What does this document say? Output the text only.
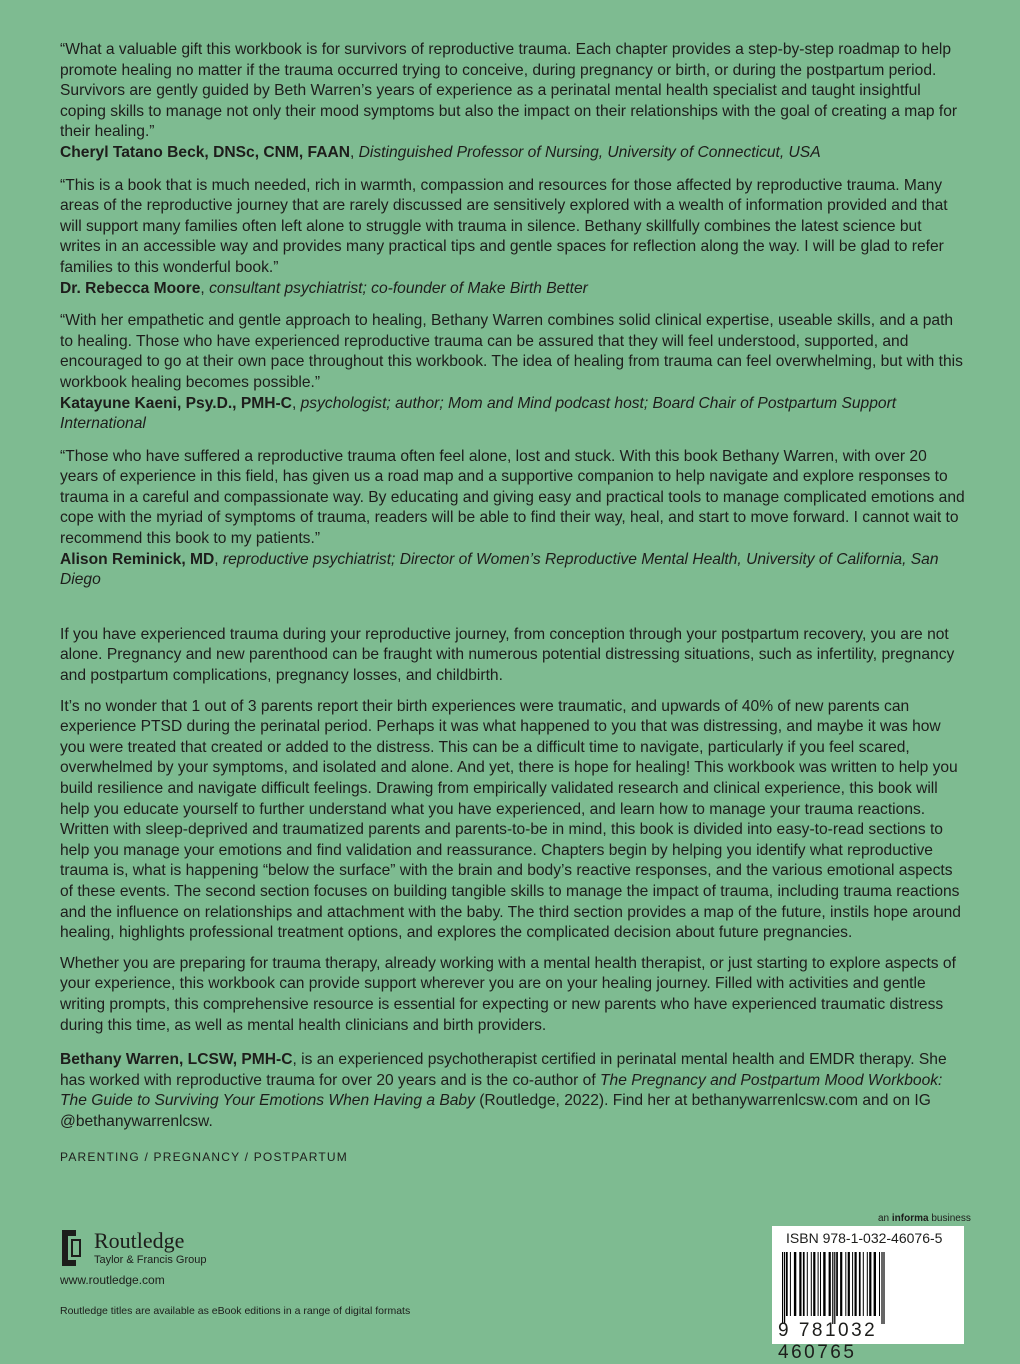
“What a valuable gift this workbook is for survivors of reproductive trauma. Each chapter provides a step-by-step roadmap to help promote healing no matter if the trauma occurred trying to conceive, during pregnancy or birth, or during the postpartum period. Survivors are gently guided by Beth Warren’s years of experience as a perinatal mental health specialist and taught insightful coping skills to manage not only their mood symptoms but also the impact on their relationships with the goal of creating a map for their healing.”

Cheryl Tatano Beck, DNSc, CNM, FAAN, Distinguished Professor of Nursing, University of Connecticut, USA

“This is a book that is much needed, rich in warmth, compassion and resources for those affected by reproductive trauma. Many areas of the reproductive journey that are rarely discussed are sensitively explored with a wealth of information provided and that will support many families often left alone to struggle with trauma in silence. Bethany skillfully combines the latest science but writes in an accessible way and provides many practical tips and gentle spaces for reflection along the way. I will be glad to refer families to this wonderful book.”

Dr. Rebecca Moore, consultant psychiatrist; co-founder of Make Birth Better

“With her empathetic and gentle approach to healing, Bethany Warren combines solid clinical expertise, useable skills, and a path to healing. Those who have experienced reproductive trauma can be assured that they will feel understood, supported, and encouraged to go at their own pace throughout this workbook. The idea of healing from trauma can feel overwhelming, but with this workbook healing becomes possible.”

Katayune Kaeni, Psy.D., PMH-C, psychologist; author; Mom and Mind podcast host; Board Chair of Postpartum Support International

“Those who have suffered a reproductive trauma often feel alone, lost and stuck. With this book Bethany Warren, with over 20 years of experience in this field, has given us a road map and a supportive companion to help navigate and explore responses to trauma in a careful and compassionate way. By educating and giving easy and practical tools to manage complicated emotions and cope with the myriad of symptoms of trauma, readers will be able to find their way, heal, and start to move forward. I cannot wait to recommend this book to my patients.”

Alison Reminick, MD, reproductive psychiatrist; Director of Women’s Reproductive Mental Health, University of California, San Diego

If you have experienced trauma during your reproductive journey, from conception through your postpartum recovery, you are not alone. Pregnancy and new parenthood can be fraught with numerous potential distressing situations, such as infertility, pregnancy and postpartum complications, pregnancy losses, and childbirth.

It’s no wonder that 1 out of 3 parents report their birth experiences were traumatic, and upwards of 40% of new parents can experience PTSD during the perinatal period. Perhaps it was what happened to you that was distressing, and maybe it was how you were treated that created or added to the distress. This can be a difficult time to navigate, particularly if you feel scared, overwhelmed by your symptoms, and isolated and alone. And yet, there is hope for healing! This workbook was written to help you build resilience and navigate difficult feelings. Drawing from empirically validated research and clinical experience, this book will help you educate yourself to further understand what you have experienced, and learn how to manage your trauma reactions. Written with sleep-deprived and traumatized parents and parents-to-be in mind, this book is divided into easy-to-read sections to help you manage your emotions and find validation and reassurance. Chapters begin by helping you identify what reproductive trauma is, what is happening “below the surface” with the brain and body’s reactive responses, and the various emotional aspects of these events. The second section focuses on building tangible skills to manage the impact of trauma, including trauma reactions and the influence on relationships and attachment with the baby. The third section provides a map of the future, instils hope around healing, highlights professional treatment options, and explores the complicated decision about future pregnancies.

Whether you are preparing for trauma therapy, already working with a mental health therapist, or just starting to explore aspects of your experience, this workbook can provide support wherever you are on your healing journey. Filled with activities and gentle writing prompts, this comprehensive resource is essential for expecting or new parents who have experienced traumatic distress during this time, as well as mental health clinicians and birth providers.

Bethany Warren, LCSW, PMH-C, is an experienced psychotherapist certified in perinatal mental health and EMDR therapy. She has worked with reproductive trauma for over 20 years and is the co-author of The Pregnancy and Postpartum Mood Workbook: The Guide to Surviving Your Emotions When Having a Baby (Routledge, 2022). Find her at bethanywarrenlcsw.com and on IG @bethanywarrenlcsw.

PARENTING / PREGNANCY / POSTPARTUM
Routledge
Taylor & Francis Group
www.routledge.com
Routledge titles are available as eBook editions in a range of digital formats
an informa business
ISBN 978-1-032-46076-5
9 781032 460765
